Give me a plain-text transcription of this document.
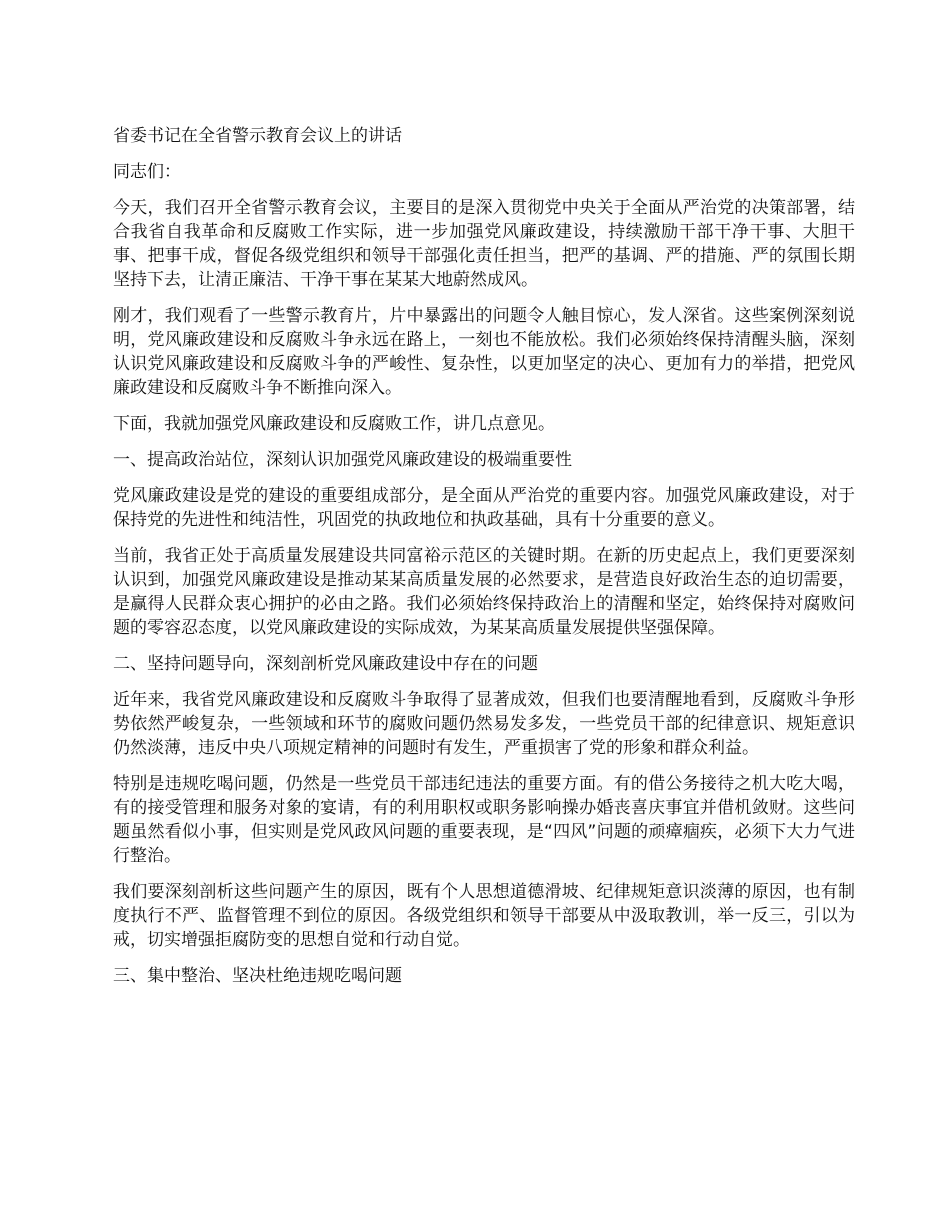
省委书记在全省警示教育会议上的讲话

同志们：

今天，我们召开全省警示教育会议，主要目的是深入贯彻党中央关于全面从严治党的决策部署，结合我省自我革命和反腐败工作实际，进一步加强党风廉政建设，持续激励干部干净干事、大胆干事、把事干成，督促各级党组织和领导干部强化责任担当，把严的基调、严的措施、严的氛围长期坚持下去，让清正廉洁、干净干事在某某大地蔚然成风。

刚才，我们观看了一些警示教育片，片中暴露出的问题令人触目惊心，发人深省。这些案例深刻说明，党风廉政建设和反腐败斗争永远在路上，一刻也不能放松。我们必须始终保持清醒头脑，深刻认识党风廉政建设和反腐败斗争的严峻性、复杂性，以更加坚定的决心、更加有力的举措，把党风廉政建设和反腐败斗争不断推向深入。

下面，我就加强党风廉政建设和反腐败工作，讲几点意见。

一、提高政治站位，深刻认识加强党风廉政建设的极端重要性

党风廉政建设是党的建设的重要组成部分，是全面从严治党的重要内容。加强党风廉政建设，对于保持党的先进性和纯洁性，巩固党的执政地位和执政基础，具有十分重要的意义。

当前，我省正处于高质量发展建设共同富裕示范区的关键时期。在新的历史起点上，我们更要深刻认识到，加强党风廉政建设是推动某某高质量发展的必然要求，是营造良好政治生态的迫切需要，是赢得人民群众衷心拥护的必由之路。我们必须始终保持政治上的清醒和坚定，始终保持对腐败问题的零容忍态度，以党风廉政建设的实际成效，为某某高质量发展提供坚强保障。

二、坚持问题导向，深刻剖析党风廉政建设中存在的问题

近年来，我省党风廉政建设和反腐败斗争取得了显著成效，但我们也要清醒地看到，反腐败斗争形势依然严峻复杂，一些领域和环节的腐败问题仍然易发多发，一些党员干部的纪律意识、规矩意识仍然淡薄，违反中央八项规定精神的问题时有发生，严重损害了党的形象和群众利益。

特别是违规吃喝问题，仍然是一些党员干部违纪违法的重要方面。有的借公务接待之机大吃大喝，有的接受管理和服务对象的宴请，有的利用职权或职务影响操办婚丧喜庆事宜并借机敛财。这些问题虽然看似小事，但实则是党风政风问题的重要表现，是“四风”问题的顽瘴痼疾，必须下大力气进行整治。

我们要深刻剖析这些问题产生的原因，既有个人思想道德滑坡、纪律规矩意识淡薄的原因，也有制度执行不严、监督管理不到位的原因。各级党组织和领导干部要从中汲取教训，举一反三，引以为戒，切实增强拒腐防变的思想自觉和行动自觉。

三、集中整治、坚决杜绝违规吃喝问题
